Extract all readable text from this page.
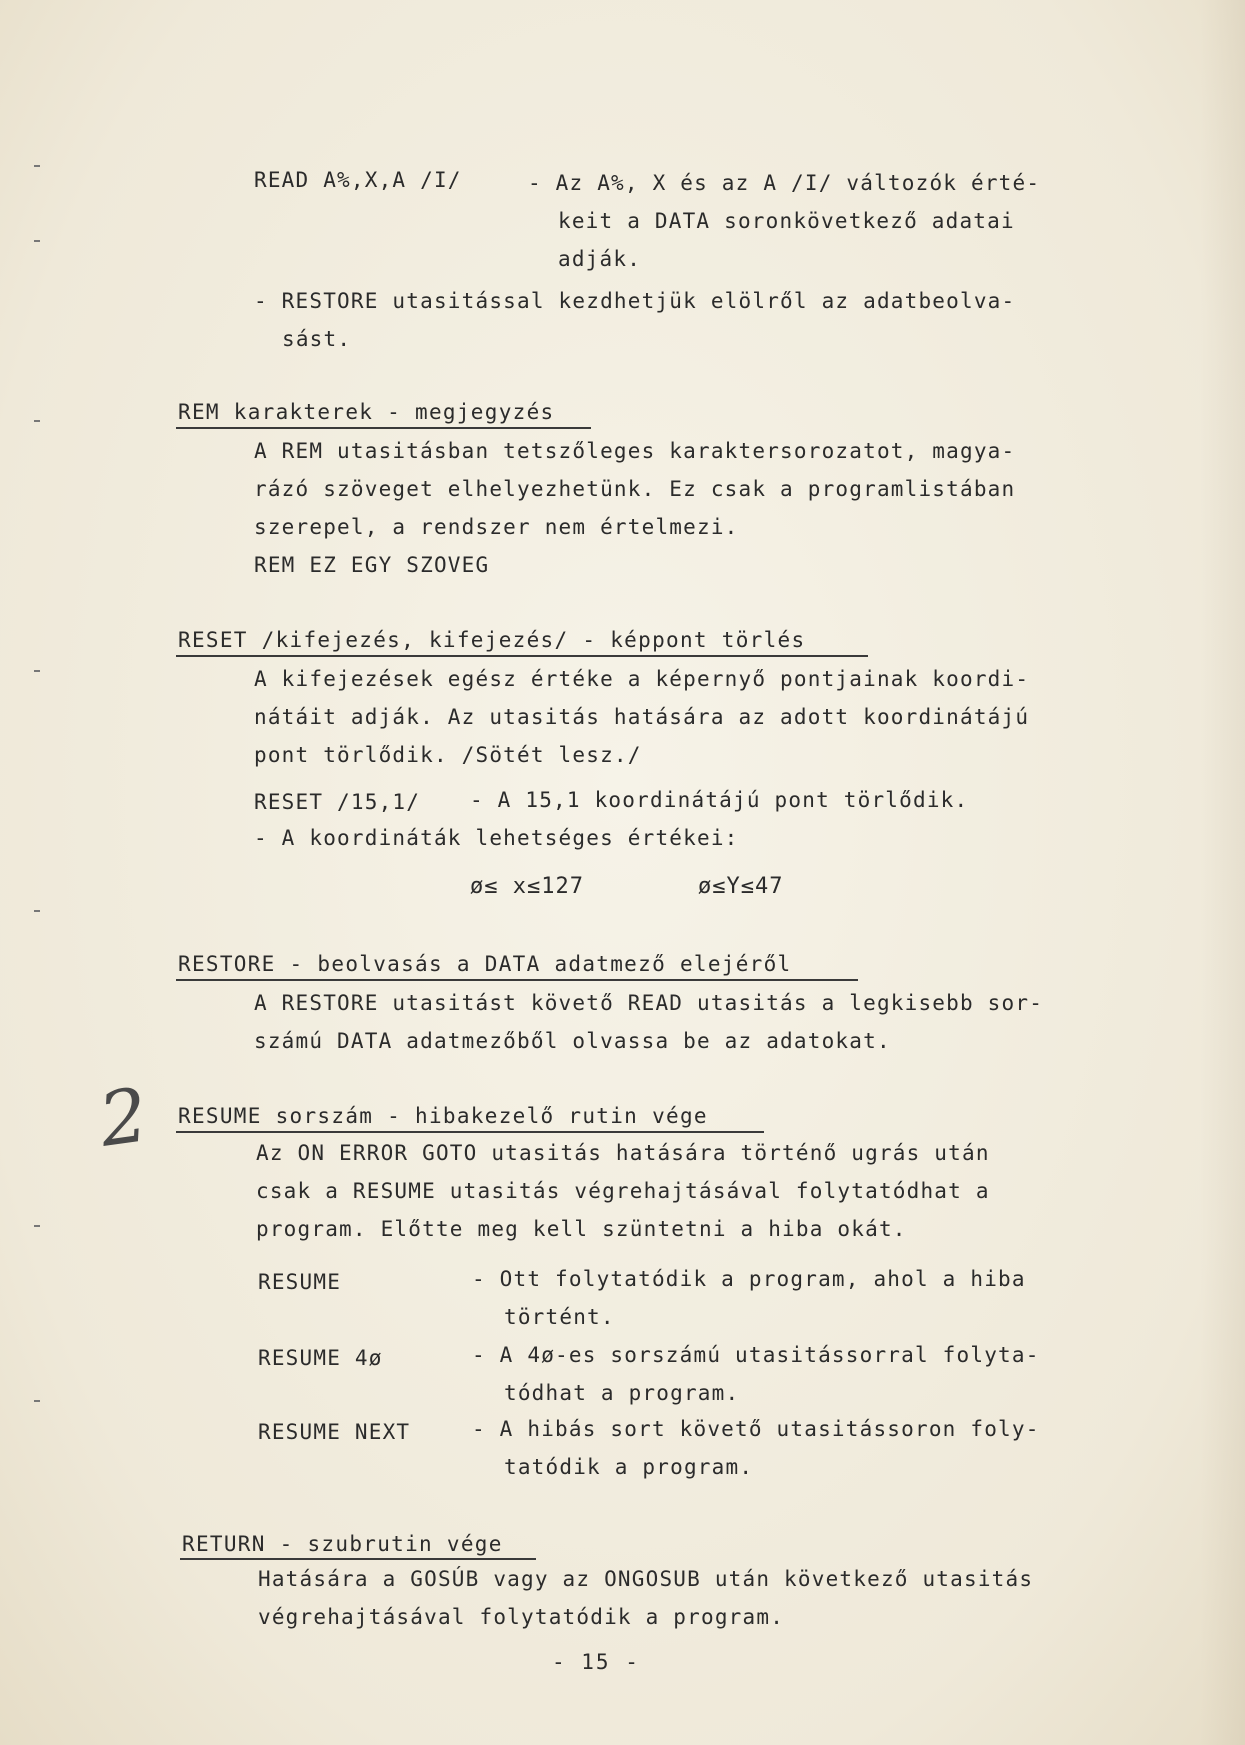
READ A%,X,A /I/	- Az A%, X és az A /I/ változók érté-
keit a DATA soronkövetkező adatai
adják.
- RESTORE utasitással kezdhetjük elölről az adatbeolva-
sást.
REM karakterek - megjegyzés
A REM utasitásban tetszőleges karaktersorozatot, magya-
rázó szöveget elhelyezhetünk. Ez csak a programlistában
szerepel, a rendszer nem értelmezi.
REM EZ EGY SZOVEG
RESET /kifejezés, kifejezés/ - képpont törlés
A kifejezések egész értéke a képernyő pontjainak koordi-
nátáit adják. Az utasitás hatására az adott koordinátájú
pont törlődik. /Sötét lesz./
RESET /15,1/ - A 15,1 koordinátájú pont törlődik.
- A koordináták lehetséges értékei:
ø≤ x≤127	ø≤Y≤47
RESTORE - beolvasás a DATA adatmező elejéről
A RESTORE utasitást követő READ utasitás a legkisebb sor-
számú DATA adatmezőből olvassa be az adatokat.
2 RESUME sorszám - hibakezelő rutin vége
Az ON ERROR GOTO utasitás hatására történő ugrás után
csak a RESUME utasitás végrehajtásával folytatódhat a
program. Előtte meg kell szüntetni a hiba okát.
RESUME	- Ott folytatódik a program, ahol a hiba
történt.
RESUME 4ø	- A 4ø-es sorszámú utasitássorral folyta-
tódhat a program.
RESUME NEXT	- A hibás sort követő utasitássoron foly-
tatódik a program.
RETURN - szubrutin vége
Hatására a GOSÚB vagy az ONGOSUB után következő utasitás
végrehajtásával folytatódik a program.
- 15 -
